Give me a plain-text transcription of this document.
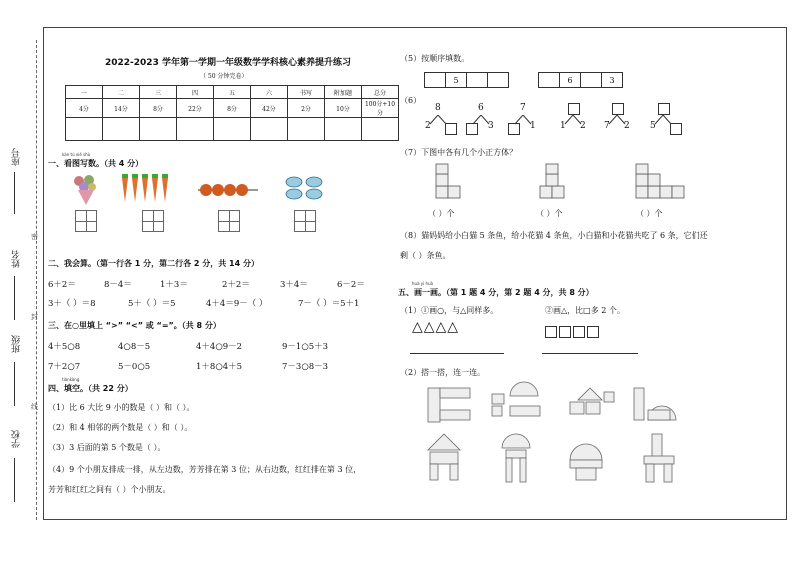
座号
姓名
班级
学校
密
封
线
2022-2023 学年第一学期一年级数学学科核心素养提升练习
（ 50 分钟完卷）
一	二	三	四	五	六	书写	附加题	总分
4分	14分	8分	22分	8分	42分	2分	10分	100分+10分

kàn tú xiě shù
一、看图写数。（共 4 分）
二、我会算。（第一行各 1 分，第二行各 2 分，共 14 分）
6＋2＝	8－4＝	1＋3＝	2＋2＝	3＋4＝	6－2＝
3＋（ ）＝8	5＋（ ）＝5	4＋4＝9－（ ）	7－（ ）＝5＋1
三、在○里填上 “>” “<” 或 “=”。（共 8 分）
4＋5○8	4○8－5	4＋4○9－2	9－1○5＋3
7＋2○7	5－0○5	1＋8○4＋5	7－3○8－3
tiánkòng
四、填空。（共 22 分）
（1）比 6 大比 9 小的数是（ ）和（ ）。
（2）和 4 相邻的两个数是（ ）和（ ）。
（3）3 后面的第 5 个数是（ ）。
（4）9 个小朋友排成一排，从左边数，芳芳排在第 3 位；从右边数，红红排在第 3 位，
芳芳和红红之间有（ ）个小朋友。
（5）按顺序填数。
5	6	3
（6）
8
2
6
3
7
1	1 2 7 2 5
（7）下图中各有几个小正方体？
（ ）个	（ ）个	（ ）个
（8）猫妈妈给小白猫 5 条鱼，给小花猫 4 条鱼，小白猫和小花猫共吃了 6 条，它们还
剩（ ）条鱼。
huà yi huà
五、画一画。（第 1 题 4 分，第 2 题 4 分，共 8 分）
（1）①画○，与△同样多。	②画△，比□多 2 个。
△△△△
（2）搭一搭，连一连。
